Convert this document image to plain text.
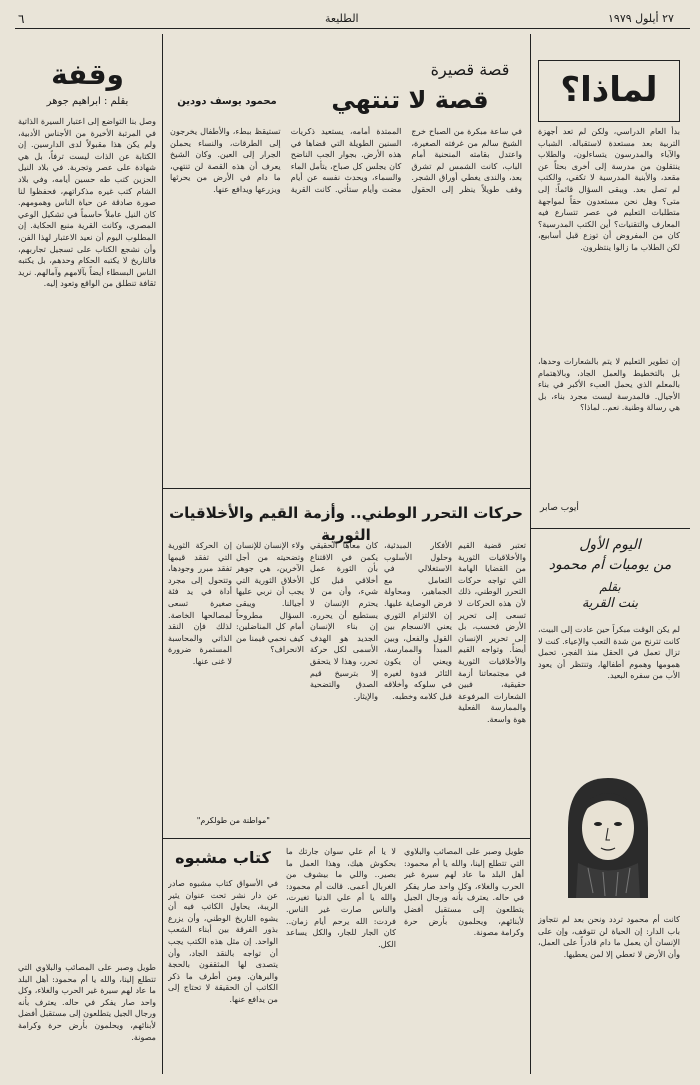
٦	الطليعة	٢٧ أيلول ١٩٧٩
لماذا؟
بدأ العام الدراسي، ولكن لم تعد أجهزة التربية بعد مستعدة لاستقباله. الشباب والآباء والمدرسون يتساءلون، والطلاب ينتقلون من مدرسة إلى أخرى بحثاً عن مقعد، والأبنية المدرسية لا تكفي، والكتب لم تصل بعد. ويبقى السؤال قائماً: إلى متى؟ وهل نحن مستعدون حقاً لمواجهة متطلبات التعليم في عصر تتسارع فيه المعارف والتقنيات؟ أين الكتب المدرسية؟ كان من المفروض أن توزع قبل أسابيع، لكن الطلاب ما زالوا ينتظرون.
إن تطوير التعليم لا يتم بالشعارات وحدها، بل بالتخطيط والعمل الجاد، وبالاهتمام بالمعلم الذي يحمل العبء الأكبر في بناء الأجيال. فالمدرسة ليست مجرد بناء، بل هي رسالة وطنية. نعم.. لماذا؟
أيوب صابر
اليوم الأول
من يوميات أم محمود
بقلم
بنت القرية
لم يكن الوقت مبكراً حين عادت إلى البيت، كانت تترنح من شدة التعب والإعياء. كنت لا تزال تعمل في الحقل منذ الفجر، تحمل همومها وهموم أطفالها، وتنتظر أن يعود الأب من سفره البعيد.
كانت أم محمود تردد ونحن بعد لم نتجاوز باب الدار: إن الحياة لن تتوقف، وإن على الإنسان أن يعمل ما دام قادراً على العمل، وأن الأرض لا تعطي إلا لمن يعطيها.
قصة قصيرة
قصة لا تنتهي
محمود يوسف دودين
في ساعة مبكرة من الصباح خرج الشيخ سالم من غرفته الصغيرة، واعتدل بقامته المنحنية أمام الباب، كانت الشمس لم تشرق بعد، والندى يغطي أوراق الشجر. وقف طويلاً ينظر إلى الحقول الممتدة أمامه، يستعيد ذكريات السنين الطويلة التي قضاها في هذه الأرض. بجوار الجب الناضح كان يجلس كل صباح، يتأمل الماء والسماء، ويحدث نفسه عن أيام مضت وأيام ستأتي. كانت القرية تستيقظ ببطء، والأطفال يخرجون إلى الطرقات، والنساء يحملن الجرار إلى العين. وكان الشيخ يعرف أن هذه القصة لن تنتهي، ما دام في الأرض من يحرثها ويزرعها ويدافع عنها.
وقفة
بقلم : ابراهيم جوهر
وصل بنا التواضع إلى اعتبار السيرة الذاتية في المرتبة الأخيرة من الأجناس الأدبية، ولم يكن هذا مقبولاً لدى الدارسين. إن الكتابة عن الذات ليست ترفاً، بل هي شهادة على عصر وتجربة. في بلاد النيل الحزين كتب طه حسين أيامه، وفي بلاد الشام كتب غيره مذكراتهم، فحفظوا لنا صورة صادقة عن حياة الناس وهمومهم. كان النيل عاملاً حاسماً في تشكيل الوعي المصري، وكانت القرية منبع الحكاية. إن المطلوب اليوم أن نعيد الاعتبار لهذا الفن، وأن نشجع الكتاب على تسجيل تجاربهم، فالتاريخ لا يكتبه الحكام وحدهم، بل يكتبه الناس البسطاء أيضاً بآلامهم وآمالهم. نريد ثقافة تنطلق من الواقع وتعود إليه.
حركات التحرر الوطني.. وأزمة القيم والأخلاقيات الثورية
تعتبر قضية القيم والأخلاقيات الثورية من القضايا الهامة التي تواجه حركات التحرر الوطني، ذلك لأن هذه الحركات لا تسعى إلى تحرير الأرض فحسب، بل إلى تحرير الإنسان أيضاً. وتواجه القيم والأخلاقيات الثورية في مجتمعاتنا أزمة حقيقية، فبين الشعارات المرفوعة والممارسة الفعلية هوة واسعة.
الأفكار المبدئية، وحلول الأسلوب الاستغلالي في التعامل مع الجماهير، ومحاولة فرض الوصاية عليها. إن الالتزام الثوري يعني الانسجام بين القول والفعل، وبين المبدأ والممارسة، ويعني أن يكون الثائر قدوة لغيره في سلوكه وأخلاقه قبل كلامه وخطبه.
كان معاها الحقيقي يكمن في الاقتناع بأن الثورة عمل أخلاقي قبل كل شيء، وأن من لا يحترم الإنسان لا يستطيع أن يحرره. إن بناء الإنسان الجديد هو الهدف الأسمى لكل حركة تحرر، وهذا لا يتحقق إلا بترسيخ قيم الصدق والتضحية والإيثار.
ولاء الإنسان للإنسان وتضحيته من أجل الآخرين، هي جوهر الأخلاق الثورية التي يجب أن نربي عليها أجيالنا. ويبقى السؤال مطروحاً أمام كل المناضلين: كيف نحمي قيمنا من الانحراف؟
إن الحركة الثورية التي تفقد قيمها تفقد مبرر وجودها، وتتحول إلى مجرد أداة في يد فئة صغيرة تسعى لمصالحها الخاصة. لذلك فإن النقد الذاتي والمحاسبة المستمرة ضرورة لا غنى عنها.
"مواطنة من طولكرم"
كتاب مشبوه
في الأسواق كتاب مشبوه صادر عن دار نشر تحت عنوان يثير الريبة، يحاول الكاتب فيه أن يشوه التاريخ الوطني، وأن يزرع بذور الفرقة بين أبناء الشعب الواحد. إن مثل هذه الكتب يجب أن تواجه بالنقد الجاد، وأن يتصدى لها المثقفون بالحجة والبرهان. ومن أطرف ما ذكر الكاتب أن الحقيقة لا تحتاج إلى من يدافع عنها.
لا يا أم علي سوان جارتك ما بحكوش هيك، وهذا العمل ما بصير.. واللي ما بيشوف من الغربال أعمى. قالت أم محمود: والله يا أم علي الدنيا تغيرت، والناس صارت غير الناس. فردت: الله يرحم أيام زمان.. كان الجار للجار، والكل يساعد الكل.
طويل وصبر على المصائب والبلاوي التي تتطلع إلينا، والله يا أم محمود: أهل البلد ما عاد لهم سيرة غير الحرب والغلاء، وكل واحد صار يفكر في حاله. يعترف بأنه ورجال الجيل يتطلعون إلى مستقبل أفضل لأبنائهم، ويحلمون بأرض حرة وكرامة مصونة.
طويل وصبر على المصائب والبلاوي التي تتطلع إلينا، والله يا أم محمود: أهل البلد ما عاد لهم سيرة غير الحرب والغلاء، وكل واحد صار يفكر في حاله. يعترف بأنه ورجال الجيل يتطلعون إلى مستقبل أفضل لأبنائهم، ويحلمون بأرض حرة وكرامة مصونة.
